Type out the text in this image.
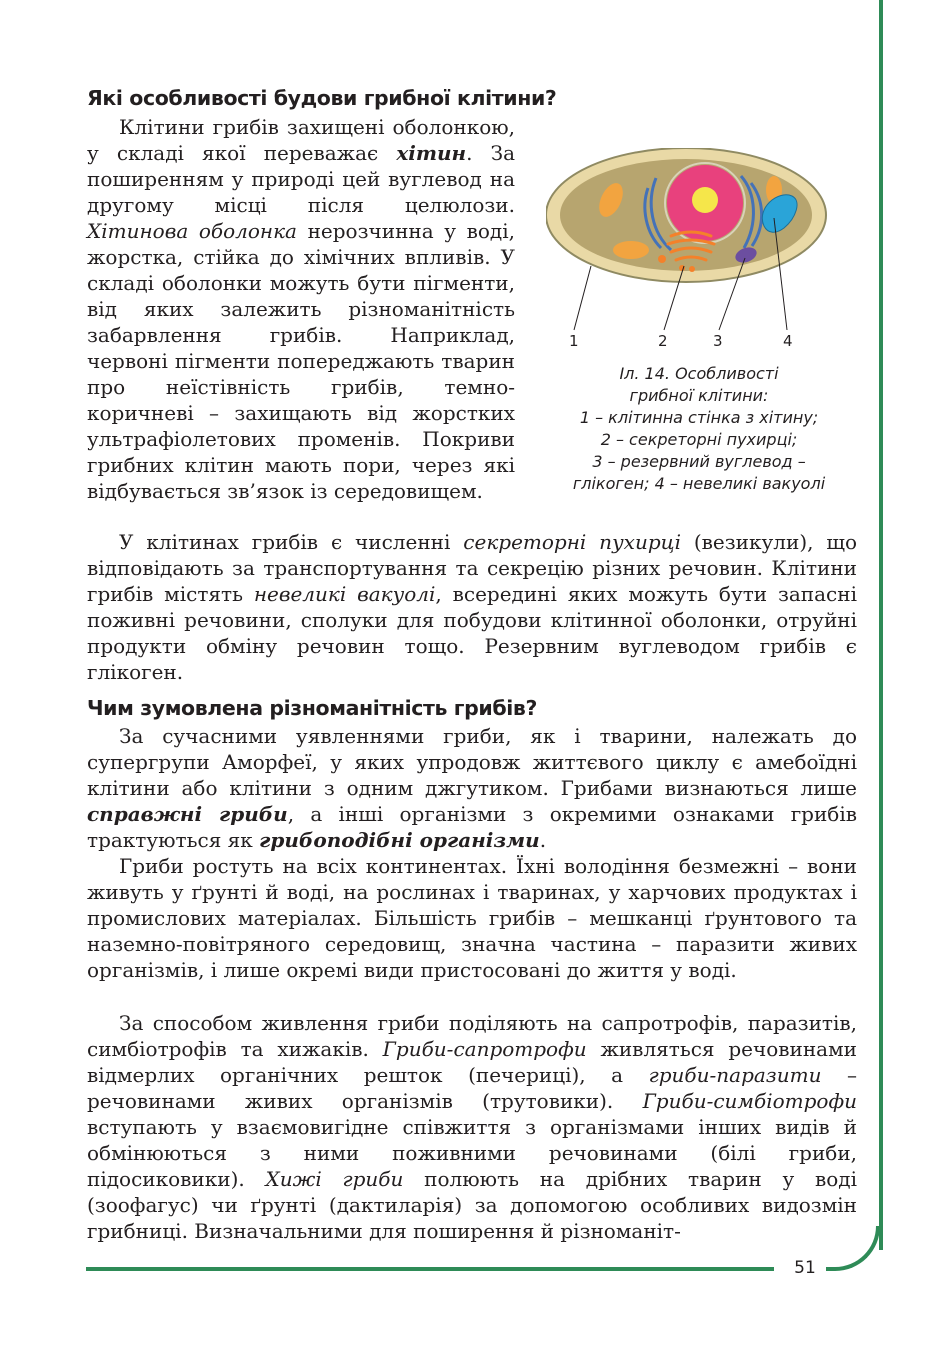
Які особливості будови грибної клітини?

Клітини грибів захищені оболонкою, у складі якої переважає хітин. За поширенням у природі цей вуглевод на другому місці після целюлози. Хітинова оболонка нерозчинна у воді, жорстка, стійка до хімічних впливів. У складі оболонки можуть бути пігменти, від яких залежить різноманітність забарвлення грибів. Наприклад, червоні пігменти попереджають тварин про неїстівність грибів, темно-коричневі – захищають від жорстких ультрафіолетових променів. Покриви грибних клітин мають пори, через які відбувається зв’язок із середовищем.

1	2	3	4

Іл. 14. Особливості
грибної клітини:
1 – клітинна стінка з хітину;
2 – секреторні пухирці;
3 – резервний вуглевод –
глікоген; 4 – невеликі вакуолі

У клітинах грибів є численні секреторні пухирці (везикули), що відповідають за транспортування та секрецію різних речовин. Клітини грибів містять невеликі вакуолі, всередині яких можуть бути запасні поживні речовини, сполуки для побудови клітинної оболонки, отруйні продукти обміну речовин тощо. Резервним вуглеводом грибів є глікоген.

Чим зумовлена різноманітність грибів?

За сучасними уявленнями гриби, як і тварини, належать до супергрупи Аморфеї, у яких упродовж життєвого циклу є амебоїдні клітини або клітини з одним джгутиком. Грибами визнаються лише справжні гриби, а інші організми з окремими ознаками грибів трактуються як грибоподібні організми.

Гриби ростуть на всіх континентах. Їхні володіння безмежні – вони живуть у ґрунті й воді, на рослинах і тваринах, у харчових продуктах і промислових матеріалах. Більшість грибів – мешканці ґрунтового та наземно-повітряного середовищ, значна частина – паразити живих організмів, і лише окремі види пристосовані до життя у воді.

За способом живлення гриби поділяють на сапротрофів, паразитів, симбіотрофів та хижаків. Гриби-сапротрофи живляться речовинами відмерлих органічних решток (печериці), а гриби-паразити – речовинами живих організмів (трутовики). Гриби-симбіотрофи вступають у взаємовигідне співжиття з організмами інших видів й обмінюються з ними поживними речовинами (білі гриби, підосиковики). Хижі гриби полюють на дрібних тварин у воді (зоофагус) чи ґрунті (дактиларія) за допомогою особливих видозмін грибниці. Визначальними для поширення й різноманіт-

51
